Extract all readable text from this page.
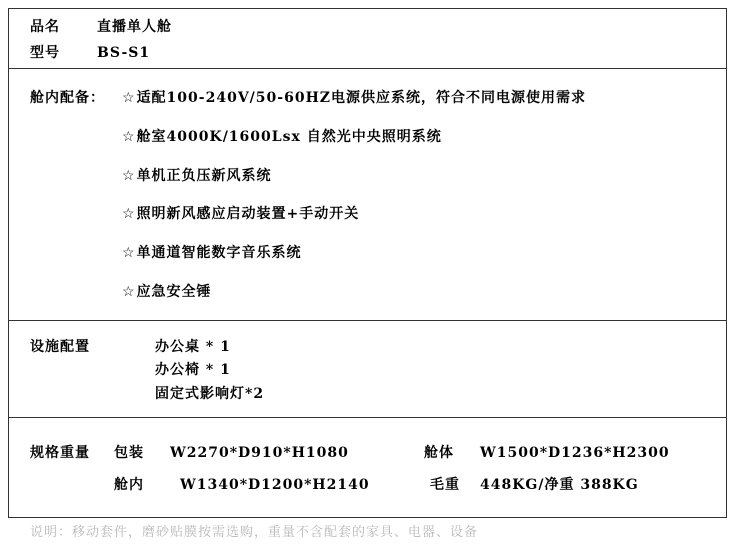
品名	直播单人舱
型号	BS-S1
舱内配备：
☆	适配100-240V/50-60HZ电源供应系统，符合不同电源使用需求
☆ 舱室4000K/1600Lsx 自然光中央照明系统
☆ 单机正负压新风系统
☆ 照明新风感应启动装置+手动开关
☆ 单通道智能数字音乐系统
☆ 应急安全锤
设施配置	办公桌 * 1
办公椅 * 1
固定式影响灯*2
规格重量 包装 W2270*D910*H1080	舱体 W1500*D1236*H2300
舱内	W1340*D1200*H2140	毛重 448KG/净重 388KG
说明：移动套件，磨砂贴膜按需选购，重量不含配套的家具、电器、设备
